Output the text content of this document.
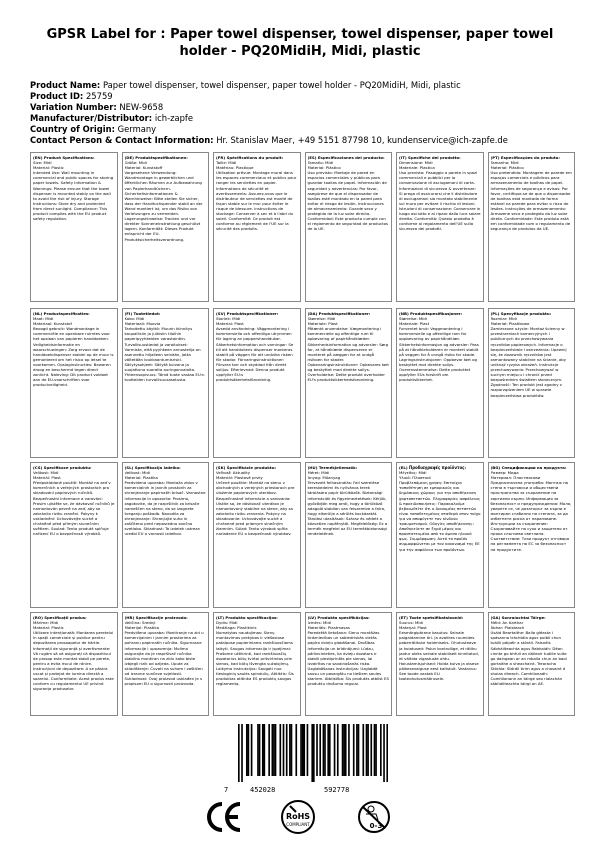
GPSR Label for : Paper towel dispenser, towel dispenser, paper towel holder - PQ20MidiH, Midi, plastic
Product Name: Paper towel dispenser, towel dispenser, paper towel holder - PQ20MidiH, Midi, plastic
Product ID: 25759
Variation Number: NEW-9658
Manufacturer/Distributor: ich-zapfe
Country of Origin: Germany
Contact Person & Contact Information: Hr. Stanislav Maer, +49 5151 87798 10, kundenservice@ich-zapfe.de
(EN) Product Specifications:
Size: Midi
Material: Plastic
Intended Use: Wall mounting in commercial and public spaces for storing paper towels. Safety Information & Warnings: Please ensure that the towel dispenser is mounted stably on the wall to avoid the risk of injury. Storage Instructions: Store dry and protected from direct sunlight. Compliance: This product complies with the EU product safety regulation.
(DE) Produktspezifikationen:
Größe: Midi
Material: Kunststoff
Vorgesehene Verwendung: Wandmontage in gewerblichen und öffentlichen Räumen zur Aufbewahrung von Papierhandtüchern. Sicherheitsinformationen & Warnhinweise: Bitte stellen Sie sicher, dass der Handtuchspender stabil an der Wand montiert ist, um das Risiko von Verletzungen zu vermeiden. Lagerungshinweise: Trocken und vor direkter Sonneneinstrahlung geschützt lagern. Konformität: Dieses Produkt entspricht der EU-Produktsicherheitsverordnung.
(FR) Spécifications du produit:
Taille: Midi
Matériau: Plastique
Utilisation prévue: Montage mural dans les espaces commerciaux et publics pour ranger les serviettes en papier. Informations de sécurité et avertissements: Assurez-vous que le distributeur de serviettes est monté de façon stable sur le mur pour éviter le risque de blessure. Instructions de stockage: Conserver à sec et à l'abri du soleil. Conformité: Ce produit est conforme au règlement de l'UE sur la sécurité des produits.
(ES) Especificaciones del producto:
Tamaño: Midi
Material: Plástico
Uso previsto: Montaje de pared en espacios comerciales y públicos para guardar toallas de papel. Información de seguridad y advertencias: Por favor, asegúrese de que el dispensador de toallas esté montado en la pared para evitar el riesgo de lesión. Instrucciones de almacenamiento: Guarde seco y protegido de la luz solar directa. Conformidad: Este producto cumple con el reglamento de seguridad de productos de la UE.
(IT) Specifiche del prodotto:
Dimensione: Midi
Materiale: Plastica
Uso previsto: Fissaggio a parete in spazi commerciali e pubblici per la conservazione di asciugamani di carta. Informazioni di sicurezza & avvertenze: Si prega di assicurarsi che il distributore di asciugamani sia montato stabilmente sul muro per evitare il rischio di lesioni. Istruzioni di conservazione: Conservare in luogo asciutto e al riparo dalla luce solare diretta. Conformità: Questo prodotto è conforme al regolamento dell'UE sulla sicurezza dei prodotti.
(PT) Especificações do produto:
Tamanho: Midi
Material: Plástico
Uso pretendido: Montagem de parede em espaços comerciais e públicos para armazenamento de toalhas de papel. Informações de segurança e avisos: Por favor, certifique-se de que o dispensador de toalhas está montado de forma estável na parede para evitar o risco de lesões. Instruções de armazenamento: Armazene seco e protegido da luz solar direta. Conformidade: Este produto está em conformidade com o regulamento de segurança de produtos da UE.
(NL) Productspecificaties:
Maat: Midi
Materiaal: Kunststof
Beoogd gebruik: Wandmontage in commerciële en openbare ruimtes voor het opslaan van papieren handdoeken. Veiligheidsinformatie en waarschuwingen: Zorg ervoor dat de handdoekdispenser stabiel op de muur is gemonteerd om het risico op letsel te voorkomen. Opslaginstructies: Bewaren droog en beschermd tegen direct zonlicht. Naleving: Dit product voldoet aan de EU-voorschriften voor productveiligheid.
(FI) Tuotetiedot:
Koko: Midi
Materiaali: Muovia
Tarkoitettu käyttö: Muurin kiinnitys kaupallisiin ja julkisiin tiloihin paperipyyhkeiden varastointiin. Turvallisuustiedot ja varoitukset: Varmista, että pyyhkeen annostelija on asennettu hiljalleen seinään, jotta vältetään loukkaantumisriski. Säilytysohjeet: Säilytä kuivana ja suojattuna suoralta auringonvalolta. Yhteensopivuus: Tämä tuote vastaa EU:n tuotteiden turvallisuusasetusta.
(SV) Produktspecifikationer:
Storlek: Midi
Material: Plast
Avsedd användning: Väggmontering i kommersiella och offentliga utrymmen för lagring av pappershanddukar. Säkerhetsinformation och varningar: Se till att handdukens dispenser monteras stabilt på väggen för att undvika risken för skador. Förvaringsinstruktioner: Förvara torr och skyddad från direkt solljus. Efterlevnad: Denna produkt uppfyller EU:s produktsäkerhetsförordning.
(DA) Produktspecifikationer:
Størrelse: Midi
Materiale: Plast
Påtænkt anvendelse: Vægmontering i kommercielle og offentlige rum til opbevaring af papirhåndklæder. Sikkerhedsinformation og advarsler: Sørg for, at håndklæde dispenseren er monteret på væggen for at undgå risikoen for skader. Opbevaringsinstruktioner: Opbevares tørt og beskyttet mod direkte sollys. Overholdelse: Dette produkt overholder EU's produktsikkerhedsforordning.
(NB) Produktspesifikasjoner:
Størrelse: Midi
Materiale: Plast
Forventet bruk: Veggmontering i kommersielle og offentlige rom for oppbevaring av papirhåndklær. Sikkerhetsinformasjon og advarsler: Pass på at håndkleholderen er montert stabilt på veggen for å unngå risiko for skade. Lagringsinstruksjoner: Oppbevar tørt og beskyttet mot direkte sollys. Overensstemmelse: Dette produktet oppfyller EUs forskrift om produktsikkerhet.
(PL) Specyfikacje produktu:
Rozmiar: Midi
Materiał: Plastikowe
Zamierzone użycie: Montaż ścienny w przestrzeniach komercyjnych i publicznych do przechowywania ręczników papierowych. Informacje o bezpieczeństwie i ostrzeżenia: Upewnij się, że dozownik ręczników jest zamontowany stabilnie na ścianie, aby uniknąć ryzyka obrażeń. Instrukcje przechowywania: Przechowywać w suchym miejscu i chronić przed bezpośrednim światłem słonecznym. Zgodność: Ten produkt jest zgodny z rozporządzeniem UE w sprawie bezpieczeństwa produktów.
(CS) Specifikace produktu:
Velikost: Midi
Materiál: Plast
Předpokládané použití: Montáž na zeď v komerčních a veřejných prostorách pro skladování papírových ručníků. Bezpečnostní informace a varování: Prosím ujistěte se, že dávkovač ručníků je namontován pevně na zeď, aby se zabránilo riziku zranění. Pokyny k uskladnění: Uchovávejte suché a chráněné před přímým slunečním světlem. Soulad: Tento produkt splňuje nařízení EU o bezpečnosti výrobků.
(SL) Specifikacija izdelka:
Velikost: Midi
Material: Plastika
Predvidena uporaba: Montaža zidov v komercialnih in javnih prostorih za shranjevanje papirnatih brisač. Varnostne informacije in opozorila: Prosimo, zagotovite, da je razpršilnik za brisače nameščen na steno, da se izognete tveganju poškodb. Navodila za shranjevanje: Shranjujte suho in zaščiteno pred neposredno sončno svetlobo. Skladnost: Ta izdelek ustreza uredbi EU o varnosti izdelkov.
(SK) Špecifikácie produktu:
Veľkosť: Aktuality
Materiál: Plastové prvky
Určené použitie: Montáž na stenu v obchodných a verejných priestoroch pre uloženie papierových uterákov. Bezpečnostné informácie a varovania: Uistite sa, že dávkovač uterákov je namontovaný stabilne na stene, aby sa zabránilo riziku zranenia. Pokyny na skladovanie: Uchovávajte suché a chránené pred priamym slnečným žiarením. Súlad: Tento výrobok spĺňa nariadenie EÚ o bezpečnosti výrobkov.
(HU) Termékjellemzők:
Méret: Midi
Anyag: Műanyag
Tervezett felhasználás: Fali szerelése kereskedelmi és nyilvános terek tárolására papír törülközők. Biztonsági információk és figyelmeztetések: Kérjük, győződjön meg arról, hogy a törülköző adagoló stabilan van felszerelve a falra, hogy elkerülje a sérülés kockázatát. Tárolási utasítások: Száraz és védett a közvetlen napfénytől. Megfelelőség: Ez a termék megfelel az EU termékbiztonsági rendeletének.
(EL) Προδιαγραφές προϊόντος:
Μέγεθος: Midi
Υλικό: Πλαστικό
Προβλεπόμενη χρήση: Επιτοίχια τοποθέτηση σε εμπορικούς και δημόσιους χώρους για την αποθήκευση χαρτοπετσετών. Πληροφορίες ασφάλειας & προειδοποιήσεις: Παρακαλούμε βεβαιωθείτε ότι ο διανομέας πετσετών είναι τοποθετημένος σταθερά στον τοίχο για να αποφύγετε τον κίνδυνο τραυματισμού. Οδηγίες αποθήκευσης: Αποθηκεύετε σε ξηρό μέρος και προστατευμένο από το άμεσο ηλιακό φως. Συμμόρφωση: Αυτό το προϊόν συμμορφώνεται με τον κανονισμό της ΕΕ για την ασφάλεια των προϊόντων.
(BG) Спецификации на продукта:
Размер: Мида
Материал: Пластмасови
Предназначена употреба: Монтаж на стена в търговски и обществени пространства за съхранение на хартиени кърпи. Информация за безопасност и предупреждения: Моля, уверете се, че дозаторът за кърпи е монтиран стабилно на стената, за да избегнете риска от нараняване. Инструкции за съхранение: Съхранявайте на сухо и защитено от пряка слънчева светлина. Съответствие: Този продукт отговаря на регламента на ЕС за безопасност на продуктите.
(RO) Specificații produs:
Mărime: Midi
Material: Plastic
Utilizare intenționată: Montarea peretelui în spații comerciale și publice pentru depozitarea prosoapelor de hârtie. Informații de siguranță și avertismente: Vă rugăm să vă asigurați că dispozitivul de prosop este montat stabil pe perete, pentru a evita riscul de rănire. Instrucțiuni de depozitare: A se păstra uscat și protejat de lumina directă a soarelui. Conformitate: Acest produs este conform cu regulamentul UE privind siguranța produselor.
(HR) Specifikacije proizvoda:
Veličina: Srednji
Materijal: Plastika
Predviđena uporaba: Montiranje na zid u komercijalnim i javnim prostorima za pohranu papirnatih ručnika. Sigurnosne informacije i upozorenja: Molimo osigurajte da je raspršivač ručnika stabilno montiran na zidu kako biste izbjegli rizik od ozljeda. Upute za skladištenje: Čuvati na suhom i zaštićen od izravne sunčeve svjetlosti. Sukladnost: Ovaj proizvod usklađen je s propisom EU o sigurnosti proizvoda.
(LT) Produkto specifikacijos:
Dydis: Midi
Medžiaga: Plastikinis
Numatytas naudojimas: Sienų montavimas prekybos ir viešosiose patalpose popieriniams rankšluosčiams laikyti. Saugos informacija ir įspėjimai: Prašome užtikrinti, kad rankšluosčių dozatorius būtų tvirtai pritvirtintas prie sienos, kad būtų išvengta sužalojimų. Laikymo instrukcijos: Saugoti nuo tiesioginių saulės spindulių. Atitiktis: Šis produktas atitinka ES produktų saugos reglamentą.
(LV) Produkta specifikācijas:
Izmērs: Midi
Materiāls: Plastmasas
Paredzētā lietošana: Sienu montāžas tirdzniecības un sabiedriskās vietās papīra dvieļu glabāšanai. Drošības informācija un brīdinājumi: Lūdzu, pārliecinieties, ka dvieļu dozators ir stabili piestiprināts pie sienas, lai izvairītos no savainošanās riska. Uzglabāšanas instrukcijas: Uzglabāt sausu un pasargātu no tiešiem saules stariem. Atbilstība: Šis produkts atbilst ES produktu drošuma regulai.
(ET) Toote spetsifikatsioonid:
Suurus: Midi
Materjal: Plast
Eesmärgipärane kasutus: Seinale paigaldamine äri- ja avalikes ruumides paberrätikute hoidmiseks. Ohutusteave ja hoiatused: Palun kontrollige, et rätiku jaotur oleks seinale stabiilselt kinnitatud, et vältida vigastuste ohtu. Hoiustamisjuhised: Hoida kuiva ja otsese päikesevalguse eest kaitstult. Vastavus: See toode vastab ELi tooteohutusmäärusele.
(GA) Sonraíochtaí Táirge:
Méid: An tíarthar
Ábhar: Plaisteach
Úsáid Beartaithe: Balla gléasta i spásanna tráchtála agus poiblí chun tuáillí páipéir a stóráil. Faisnéis Sábháilteachta agus Rabhaidh: Déan cinnte go bhfuil an dáileoir tuáille suite go daingean ar an mballa chun an baol gortaithe a sheachaint. Treoracha Stórála: Stóráil tirim agus a chosaint ó sholas díreach. Comhlíonadh: Comhlíonann an táirge seo rialachán sábháilteachta táirgí an AE.
7	452028	592778
RoHS
COMPLIANT	0-3
